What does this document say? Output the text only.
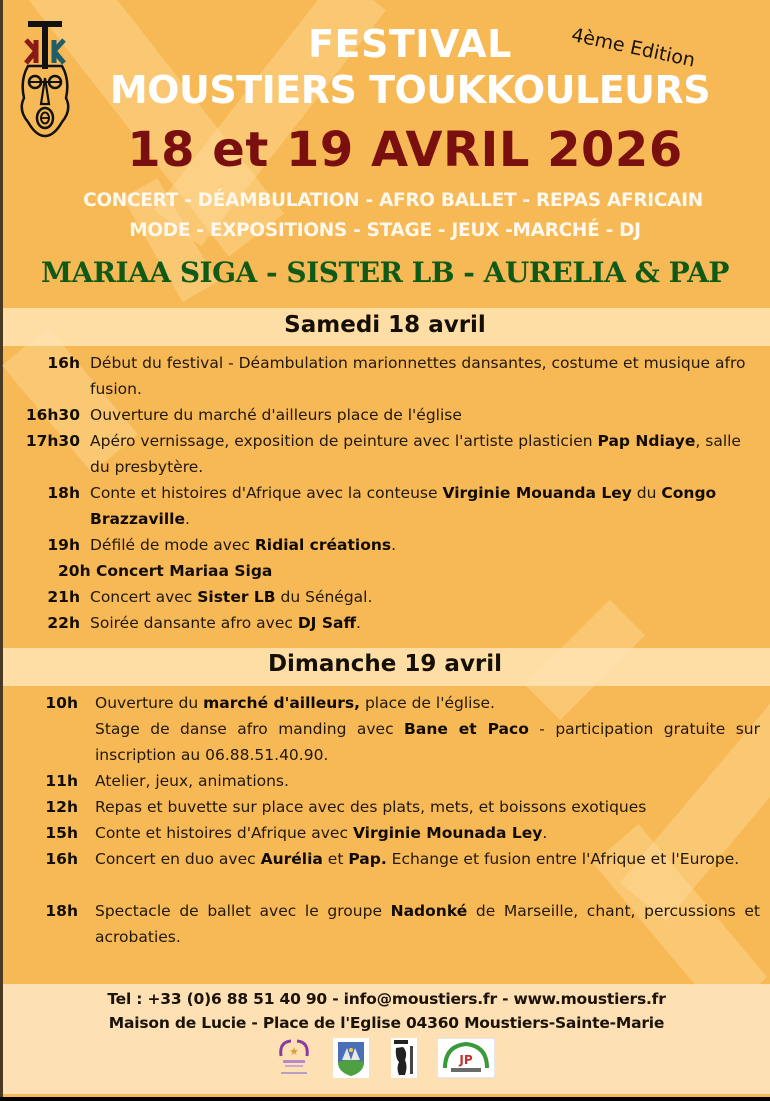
4ème Edition
FESTIVAL
MOUSTIERS TOUKKOULEURS
18 et 19 AVRIL 2026
CONCERT - DÉAMBULATION - AFRO BALLET - REPAS AFRICAIN
MODE - EXPOSITIONS - STAGE - JEUX -MARCHÉ - DJ
MARIAA SIGA - SISTER LB - AURELIA & PAP
Samedi 18 avril
16h Début du festival - Déambulation marionnettes dansantes, costume et musique afro fusion.
16h30 Ouverture du marché d'ailleurs place de l'église
17h30 Apéro vernissage, exposition de peinture avec l'artiste plasticien Pap Ndiaye, salle du presbytère.
18h Conte et histoires d'Afrique avec la conteuse Virginie Mouanda Ley du Congo Brazzaville.
19h Défilé de mode avec Ridial créations.
20h Concert Mariaa Siga
21h Concert avec Sister LB du Sénégal.
22h Soirée dansante afro avec DJ Saff.
Dimanche 19 avril
10h Ouverture du marché d'ailleurs, place de l'église.
Stage de danse afro manding avec Bane et Paco - participation gratuite sur inscription au 06.88.51.40.90.
11h Atelier, jeux, animations.
12h Repas et buvette sur place avec des plats, mets, et boissons exotiques
15h Conte et histoires d'Afrique avec Virginie Mounada Ley.
16h Concert en duo avec Aurélia et Pap. Echange et fusion entre l'Afrique et l'Europe.
18h Spectacle de ballet avec le groupe Nadonké de Marseille, chant, percussions et acrobaties.
Tel : +33 (0)6 88 51 40 90 - info@moustiers.fr - www.moustiers.fr
Maison de Lucie - Place de l'Eglise 04360 Moustiers-Sainte-Marie
★
JP
